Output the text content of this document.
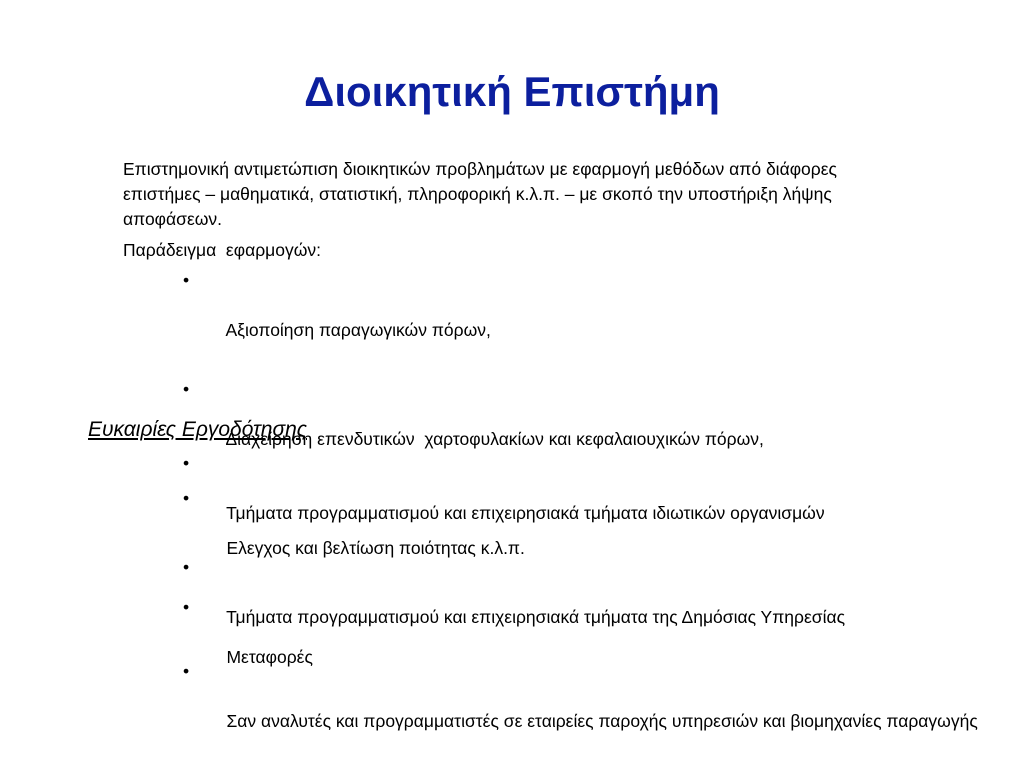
Διοικητική Επιστήμη
Επιστημονική αντιμετώπιση διοικητικών προβλημάτων με εφαρμογή μεθόδων από διάφορες επιστήμες – μαθηματικά, στατιστική, πληροφορική κ.λ.π. – με σκοπό την υποστήριξη λήψης αποφάσεων.
Παράδειγμα  εφαρμογών:

•

Αξιοποίηση παραγωγικών πόρων,

•

Διαχείρηση επενδυτικών  χαρτοφυλακίων και κεφαλαιουχικών πόρων,

•

Ελεγχος και βελτίωση ποιότητας κ.λ.π.

•

Μεταφορές

Ευκαιρίες Εργοδότησης

•

Τμήματα προγραμματισμού και επιχειρησιακά τμήματα ιδιωτικών οργανισμών

•

Τμήματα προγραμματισμού και επιχειρησιακά τμήματα της Δημόσιας Υπηρεσίας

•

Σαν αναλυτές και προγραμματιστές σε εταιρείες παροχής υπηρεσιών και βιομηχανίες παραγωγής
